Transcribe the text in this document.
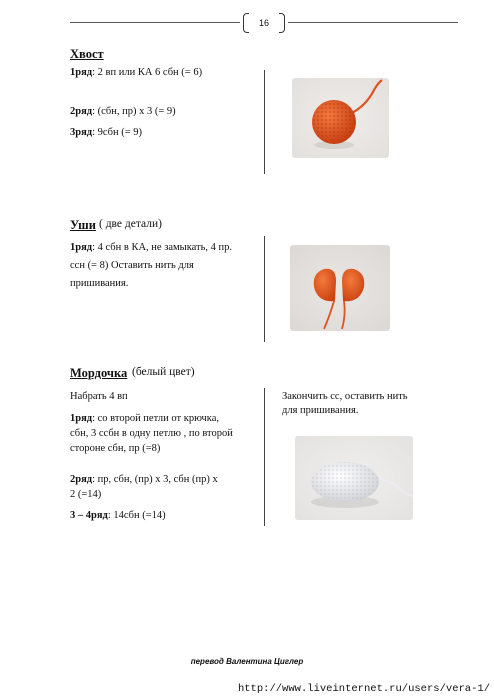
16
Хвост
1ряд: 2 вп или КА 6 сбн (= 6)
2ряд: (сбн, пр) х 3 (= 9)
3ряд: 9сбн (= 9)
Уши ( две детали)
1ряд: 4 сбн в КА, не замыкать, 4 пр.
ссн (= 8) Оставить нить для
пришивания.
Мордочка (белый цвет)
Набрать 4 вп
1ряд: со второй петли от крючка,
сбн, 3 ссбн в одну петлю , по второй
стороне сбн, пр (=8)
2ряд: пр, сбн, (пр) х 3, сбн (пр) х
2 (=14)
3 – 4ряд: 14сбн (=14)
Закончить сс, оставить нить
для пришивания.
перевод Валентина Циглер
http://www.liveinternet.ru/users/vera-1/
